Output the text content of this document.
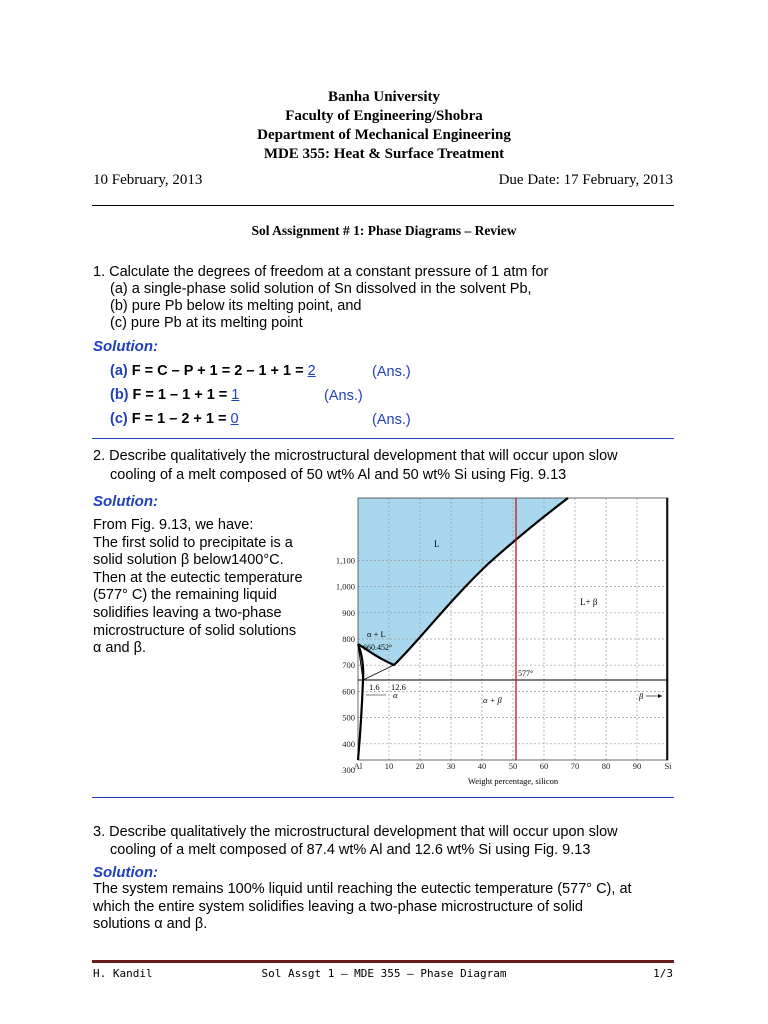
Banha University
Faculty of Engineering/Shobra
Department of Mechanical Engineering
MDE 355: Heat & Surface Treatment
10 February, 2013	Due Date: 17 February, 2013
Sol Assignment # 1: Phase Diagrams – Review
1. Calculate the degrees of freedom at a constant pressure of 1 atm for
(a) a single-phase solid solution of Sn dissolved in the solvent Pb,
(b) pure Pb below its melting point, and
(c) pure Pb at its melting point
Solution:
(a) F = C – P + 1 = 2 – 1 + 1 = 2	(Ans.)
(b) F = 1 – 1 + 1 = 1	(Ans.)
(c) F = 1 – 2 + 1 = 0	(Ans.)
2. Describe qualitatively the microstructural development that will occur upon slow
cooling of a melt composed of 50 wt% Al and 50 wt% Si using Fig. 9.13
Solution:
From Fig. 9.13, we have:
The first solid to precipitate is a
solid solution β below1400°C.
Then at the eutectic temperature
(577° C) the remaining liquid
solidifies leaving a two-phase
microstructure of solid solutions
α and β.
1,100
1,000
900
800
700
600
500
400
300
Al	10	20	30	40	50	60	70	80	90	Si
Weight percentage, silicon
L
L+ β
α + L
660.452°
577°
1.6 12.6
α	α + β	β
3. Describe qualitatively the microstructural development that will occur upon slow
cooling of a melt composed of 87.4 wt% Al and 12.6 wt% Si using Fig. 9.13
Solution:
The system remains 100% liquid until reaching the eutectic temperature (577° C), at
which the entire system solidifies leaving a two-phase microstructure of solid
solutions α and β.
H. Kandil	Sol Assgt 1 – MDE 355 – Phase Diagram	1/3
